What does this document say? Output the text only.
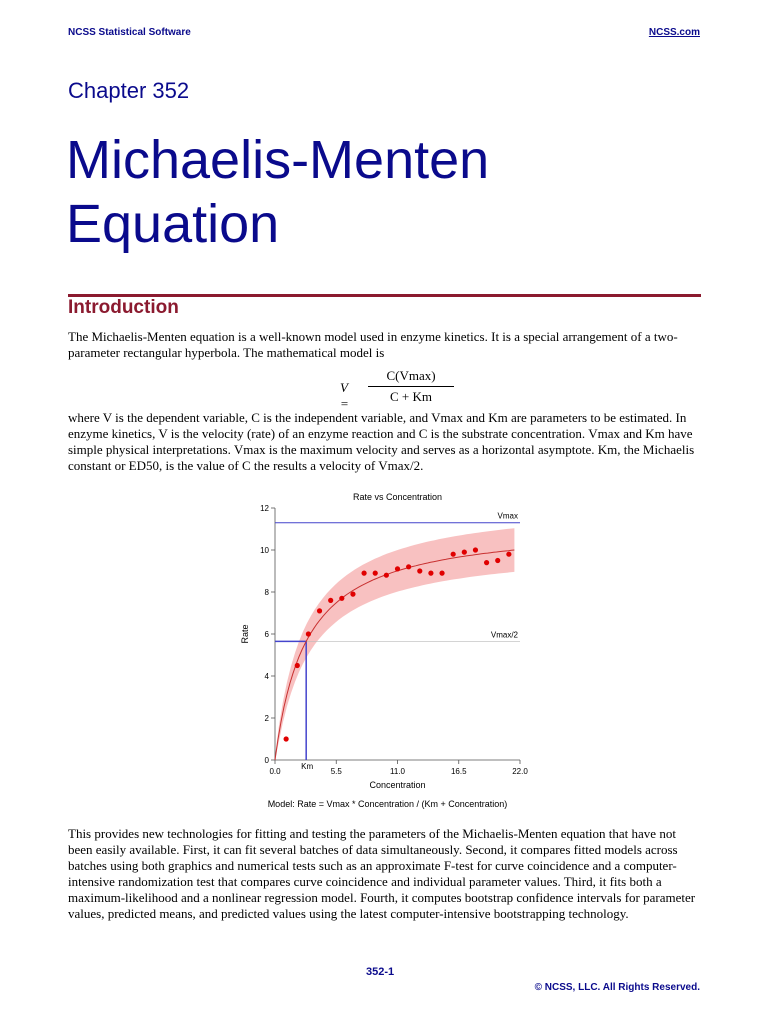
NCSS Statistical Software	NCSS.com
Chapter 352
Michaelis-Menten
Equation
Introduction

The Michaelis-Menten equation is a well-known model used in enzyme kinetics. It is a special arrangement of a two-parameter rectangular hyperbola. The mathematical model is

V =
C(Vmax)
C + Km

where V is the dependent variable, C is the independent variable, and Vmax and Km are parameters to be estimated. In enzyme kinetics, V is the velocity (rate) of an enzyme reaction and C is the substrate concentration. Vmax and Km have simple physical interpretations. Vmax is the maximum velocity and serves as a horizontal asymptote. Km, the Michaelis constant or ED50, is the value of C the results a velocity of Vmax/2.

0
2
4
6
8
10
12
0.0	5.5	11.0	16.5	22.0
Vmax
Vmax/2
Km
Rate vs Concentration
Concentration
Rate
Model: Rate = Vmax * Concentration / (Km + Concentration)

This provides new technologies for fitting and testing the parameters of the Michaelis-Menten equation that have not been easily available. First, it can fit several batches of data simultaneously. Second, it compares fitted models across batches using both graphics and numerical tests such as an approximate F-test for curve coincidence and a computer-intensive randomization test that compares curve coincidence and individual parameter values. Third, it fits both a maximum-likelihood and a nonlinear regression model. Fourth, it computes bootstrap confidence intervals for parameter values, predicted means, and predicted values using the latest computer-intensive bootstrapping technology.

352-1
© NCSS, LLC. All Rights Reserved.
